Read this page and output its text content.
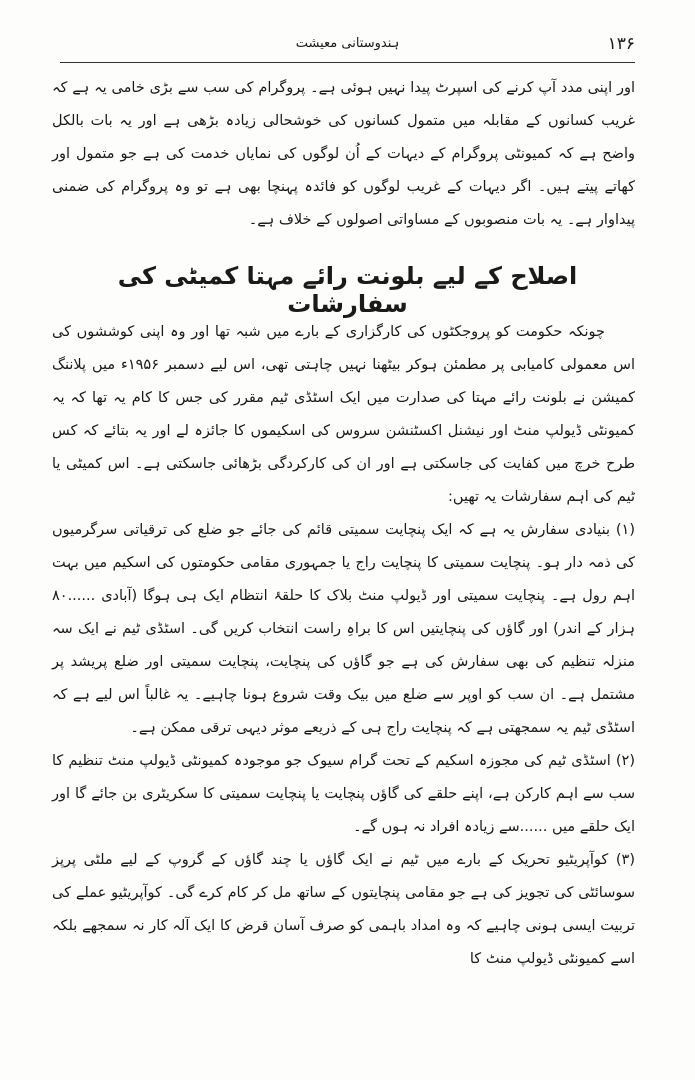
۱۳۶
ہندوستانی معیشت
اور اپنی مدد آپ کرنے کی اسپرٹ پیدا نہیں ہوئی ہے۔ پروگرام کی سب سے بڑی خامی یہ ہے کہ غریب کسانوں کے مقابلہ میں متمول کسانوں کی خوشحالی زیادہ بڑھی ہے اور یہ بات بالکل واضح ہے کہ کمیونٹی پروگرام کے دیہات کے اُن لوگوں کی نمایاں خدمت کی ہے جو متمول اور کھاتے پیتے ہیں۔ اگر دیہات کے غریب لوگوں کو فائدہ پہنچا بھی ہے تو وہ پروگرام کی ضمنی پیداوار ہے۔ یہ بات منصوبوں کے مساواتی اصولوں کے خلاف ہے۔
اصلاح کے لیے بلونت رائے مہتا کمیٹی کی سفارشات

چونکہ حکومت کو پروجکٹوں کی کارگزاری کے بارے میں شبہ تھا اور وہ اپنی کوششوں کی اس معمولی کامیابی پر مطمئن ہوکر بیٹھنا نہیں چاہتی تھی، اس لیے دسمبر ۱۹۵۶ء میں پلاننگ کمیشن نے بلونت رائے مہتا کی صدارت میں ایک اسٹڈی ٹیم مقرر کی جس کا کام یہ تھا کہ یہ کمیونٹی ڈیولپ منٹ اور نیشنل اکسٹنشن سروس کی اسکیموں کا جائزہ لے اور یہ بتائے کہ کس طرح خرچ میں کفایت کی جاسکتی ہے اور ان کی کارکردگی بڑھائی جاسکتی ہے۔ اس کمیٹی یا ٹیم کی اہم سفارشات یہ تھیں:

(۱) بنیادی سفارش یہ ہے کہ ایک پنچایت سمیتی قائم کی جائے جو ضلع کی ترقیاتی سرگرمیوں کی ذمہ دار ہو۔ پنچایت سمیتی کا پنچایت راج یا جمہوری مقامی حکومتوں کی اسکیم میں بہت اہم رول ہے۔ پنچایت سمیتی اور ڈیولپ منٹ بلاک کا حلقۂ انتظام ایک ہی ہوگا (آبادی ......۸۰ ہزار کے اندر) اور گاؤں کی پنچایتیں اس کا براہِ راست انتخاب کریں گی۔ اسٹڈی ٹیم نے ایک سہ منزلہ تنظیم کی بھی سفارش کی ہے جو گاؤں کی پنچایت، پنچایت سمیتی اور ضلع پریشد پر مشتمل ہے۔ ان سب کو اوپر سے ضلع میں بیک وقت شروع ہونا چاہیے۔ یہ غالباً اس لیے ہے کہ اسٹڈی ٹیم یہ سمجھتی ہے کہ پنچایت راج ہی کے ذریعے موثر دیہی ترقی ممکن ہے۔

(۲) اسٹڈی ٹیم کی مجوزہ اسکیم کے تحت گرام سیوک جو موجودہ کمیونٹی ڈیولپ منٹ تنظیم کا سب سے اہم کارکن ہے، اپنے حلقے کی گاؤں پنچایت یا پنچایت سمیتی کا سکریٹری بن جائے گا اور ایک حلقے میں ......سے زیادہ افراد نہ ہوں گے۔

(۳) کوآپریٹیو تحریک کے بارے میں ٹیم نے ایک گاؤں یا چند گاؤں کے گروپ کے لیے ملٹی پرپز سوسائٹی کی تجویز کی ہے جو مقامی پنچایتوں کے ساتھ مل کر کام کرے گی۔ کوآپریٹیو عملے کی تربیت ایسی ہونی چاہیے کہ وہ امداد باہمی کو صرف آسان قرض کا ایک آلہ کار نہ سمجھے بلکہ اسے کمیونٹی ڈیولپ منٹ کا
